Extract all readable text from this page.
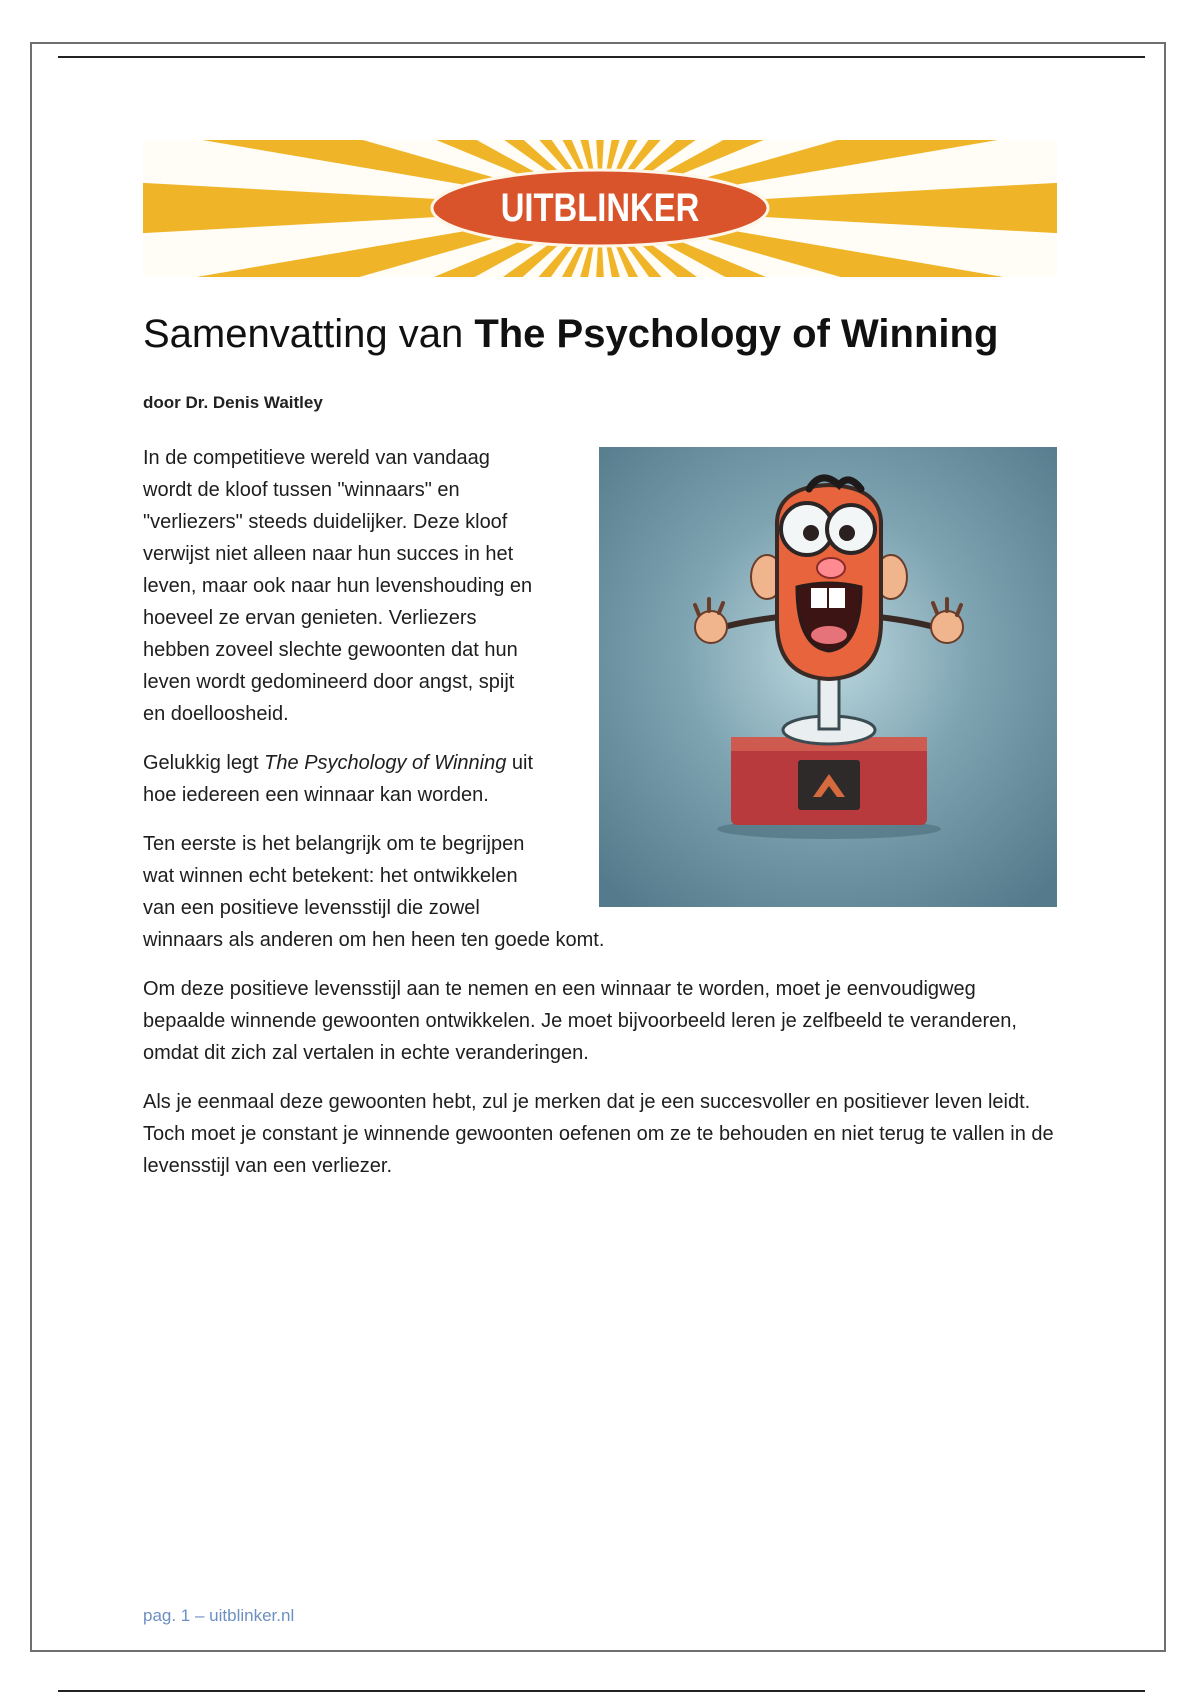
UITBLINKER
Samenvatting van The Psychology of Winning
door Dr. Denis Waitley

In de competitieve wereld van vandaag
wordt de kloof tussen "winnaars" en
"verliezers" steeds duidelijker. Deze kloof
verwijst niet alleen naar hun succes in het
leven, maar ook naar hun levenshouding en
hoeveel ze ervan genieten. Verliezers
hebben zoveel slechte gewoonten dat hun
leven wordt gedomineerd door angst, spijt
en doelloosheid.

Gelukkig legt The Psychology of Winning uit
hoe iedereen een winnaar kan worden.

Ten eerste is het belangrijk om te begrijpen
wat winnen echt betekent: het ontwikkelen
van een positieve levensstijl die zowel
winnaars als anderen om hen heen ten goede komt.

Om deze positieve levensstijl aan te nemen en een winnaar te worden, moet je eenvoudigweg bepaalde winnende gewoonten ontwikkelen. Je moet bijvoorbeeld leren je zelfbeeld te veranderen, omdat dit zich zal vertalen in echte veranderingen.

Als je eenmaal deze gewoonten hebt, zul je merken dat je een succesvoller en positiever leven leidt. Toch moet je constant je winnende gewoonten oefenen om ze te behouden en niet terug te vallen in de levensstijl van een verliezer.

pag. 1 – uitblinker.nl
